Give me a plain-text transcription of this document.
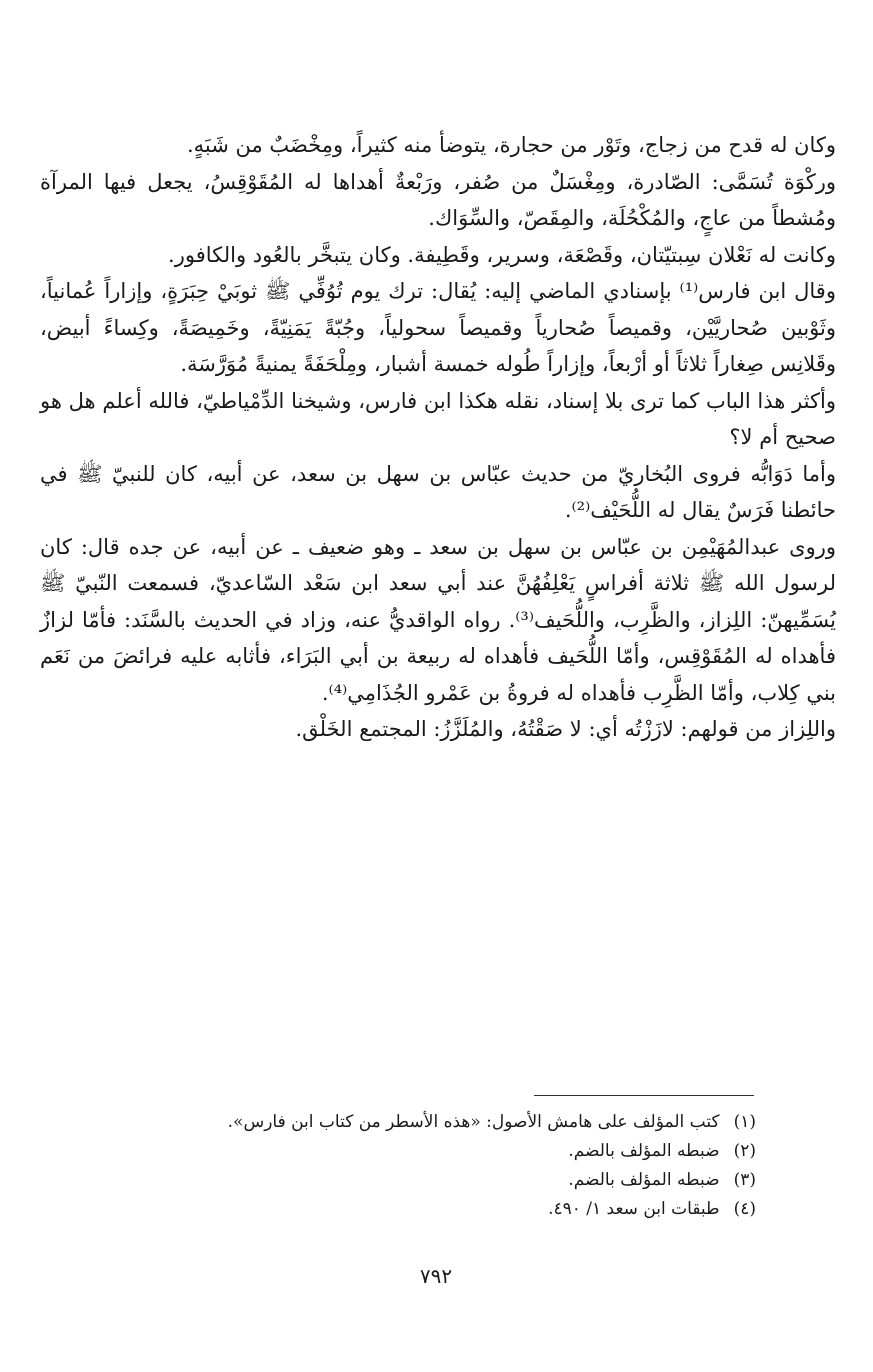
وكان له قدح من زجاج، وتَوْر من حجارة، يتوضأ منه كثيراً، ومِخْضَبٌ من شَبَهٍ.

وركْوَة تُسَمَّى: الصّادرة، ومِغْسَلٌ من صُفر، ورَبْعةٌ أهداها له المُقَوْقِسُ، يجعل فيها المرآة ومُشطاً من عاجٍ، والمُكْحُلَة، والمِقَصّ، والسِّوَاك.

وكانت له نَعْلان سِبتيّتان، وقَصْعَة، وسرير، وقَطِيفة. وكان يتبخَّر بالعُود والكافور.

وقال ابن فارس⁽¹⁾ بإسنادي الماضي إليه: يُقال: ترك يوم تُوُفِّي ﷺ ثوبَيْ حِبَرَةٍ، وإزاراً عُمانياً، وثَوْبين صُحاريَّيْن، وقميصاً صُحارياً وقميصاً سحولياً، وجُبّةً يَمَنِيّةً، وخَمِيصَةً، وكِساءً أبيض، وقَلانِس صِغاراً ثلاثاً أو أرْبعاً، وإزاراً طُوله خمسة أشبار، ومِلْحَفَةً يمنيةً مُوَرَّسَة.

وأكثر هذا الباب كما ترى بلا إسناد، نقله هكذا ابن فارس، وشيخنا الدِّمْياطيّ، فالله أعلم هل هو صحيح أم لا؟

وأما دَوَابُّه فروى البُخاريّ من حديث عبّاس بن سهل بن سعد، عن أبيه، كان للنبيّ ﷺ في حائطنا فَرَسٌ يقال له اللُّحَيْف⁽²⁾.

وروى عبدالمُهَيْمِن بن عبّاس بن سهل بن سعد ـ وهو ضعيف ـ عن أبيه، عن جده قال: كان لرسول الله ﷺ ثلاثة أفراسٍ يَعْلِفُهُنَّ عند أبي سعد ابن سَعْد السّاعديّ، فسمعت النّبيّ ﷺ يُسَمِّيهنّ: اللِزاز، والظَّرِب، واللُّحَيف⁽³⁾. رواه الواقديُّ عنه، وزاد في الحديث بالسَّنَد: فأمّا لزازٌ فأهداه له المُقَوْقِس، وأمّا اللُّحَيف فأهداه له ربيعة بن أبي البَرَاء، فأثابه عليه فرائضَ من نَعَم بني كِلاب، وأمّا الظَّرِب فأهداه له فروةُ بن عَمْرو الجُذَامِي⁽⁴⁾.

واللِزاز من قولهم: لازَزْتُه أي: لا صَقْتُهُ، والمُلَزَّزُ: المجتمع الخَلْق.

(١)
كتب المؤلف على هامش الأصول: «هذه الأسطر من كتاب ابن فارس».
(٢)
ضبطه المؤلف بالضم.
(٣)
ضبطه المؤلف بالضم.
(٤)
طبقات ابن سعد ١/ ٤٩٠.
٧٩٢
